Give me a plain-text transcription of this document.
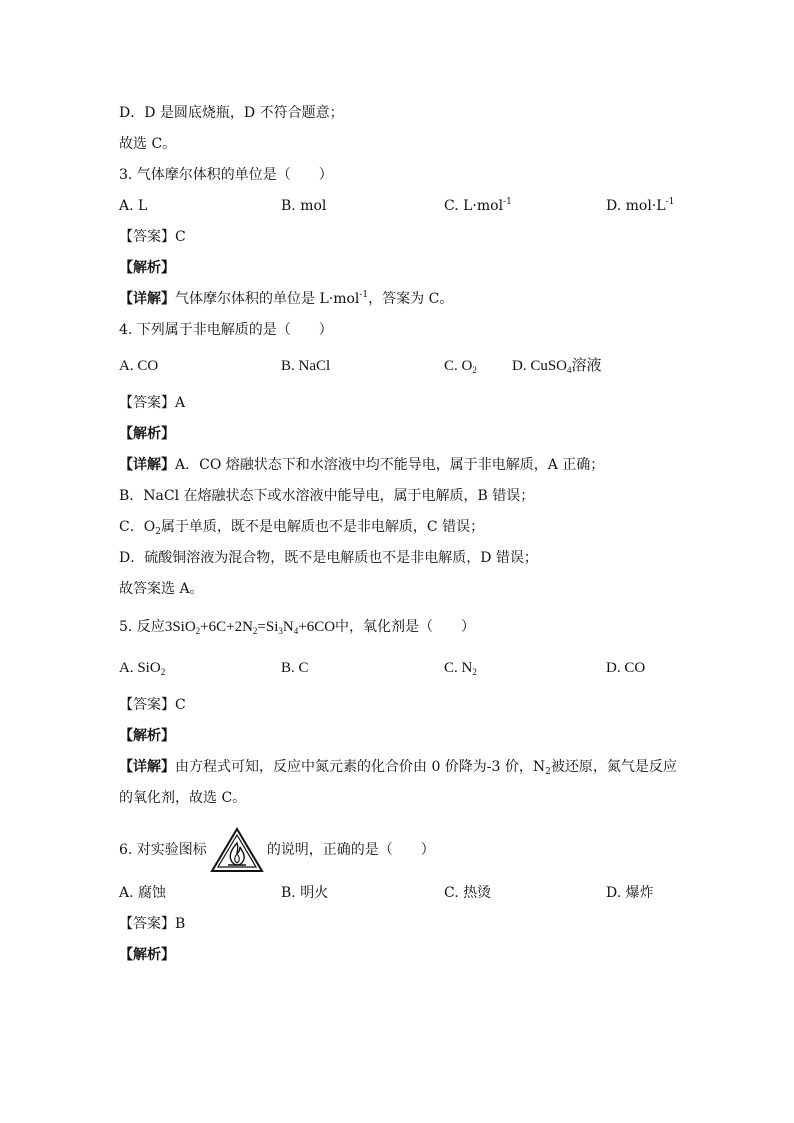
D．D 是圆底烧瓶，D 不符合题意；
故选 C。
3. 气体摩尔体积的单位是（　　）
A. L	B. mol	C. L·mol$^{-1}$	D. $mol\cdot L^{-1}$
【答案】C
【解析】
【详解】气体摩尔体积的单位是 L·mol$^{-1}$，答案为 C。
4. 下列属于非电解质的是（　　）
A. CO	B. NaCl	C. $O_2$ D. CuSO$_4$溶液
【答案】A
【解析】
【详解】A．CO 熔融状态下和水溶液中均不能导电，属于非电解质，A 正确；
B．NaCl 在熔融状态下或水溶液中能导电，属于电解质，B 错误；
C．$O_2$属于单质，既不是电解质也不是非电解质，C 错误；
D．硫酸铜溶液为混合物，既不是电解质也不是非电解质，D 错误；
故答案选 A。
5. 反应$3SiO_2+6C+2N_2=Si_3N_4+6CO$中，氧化剂是（　　）
A. SiO$_2$	B. C	C. $N_2$	D. CO
【答案】C
【解析】
【详解】由方程式可知，反应中氮元素的化合价由 0 价降为-3 价，$N_2$被还原，氮气是反应
的氧化剂，故选 C。
6. 对实验图标	的说明，正确的是（　　）
A. 腐蚀	B. 明火	C. 热烫	D. 爆炸
【答案】B
【解析】
